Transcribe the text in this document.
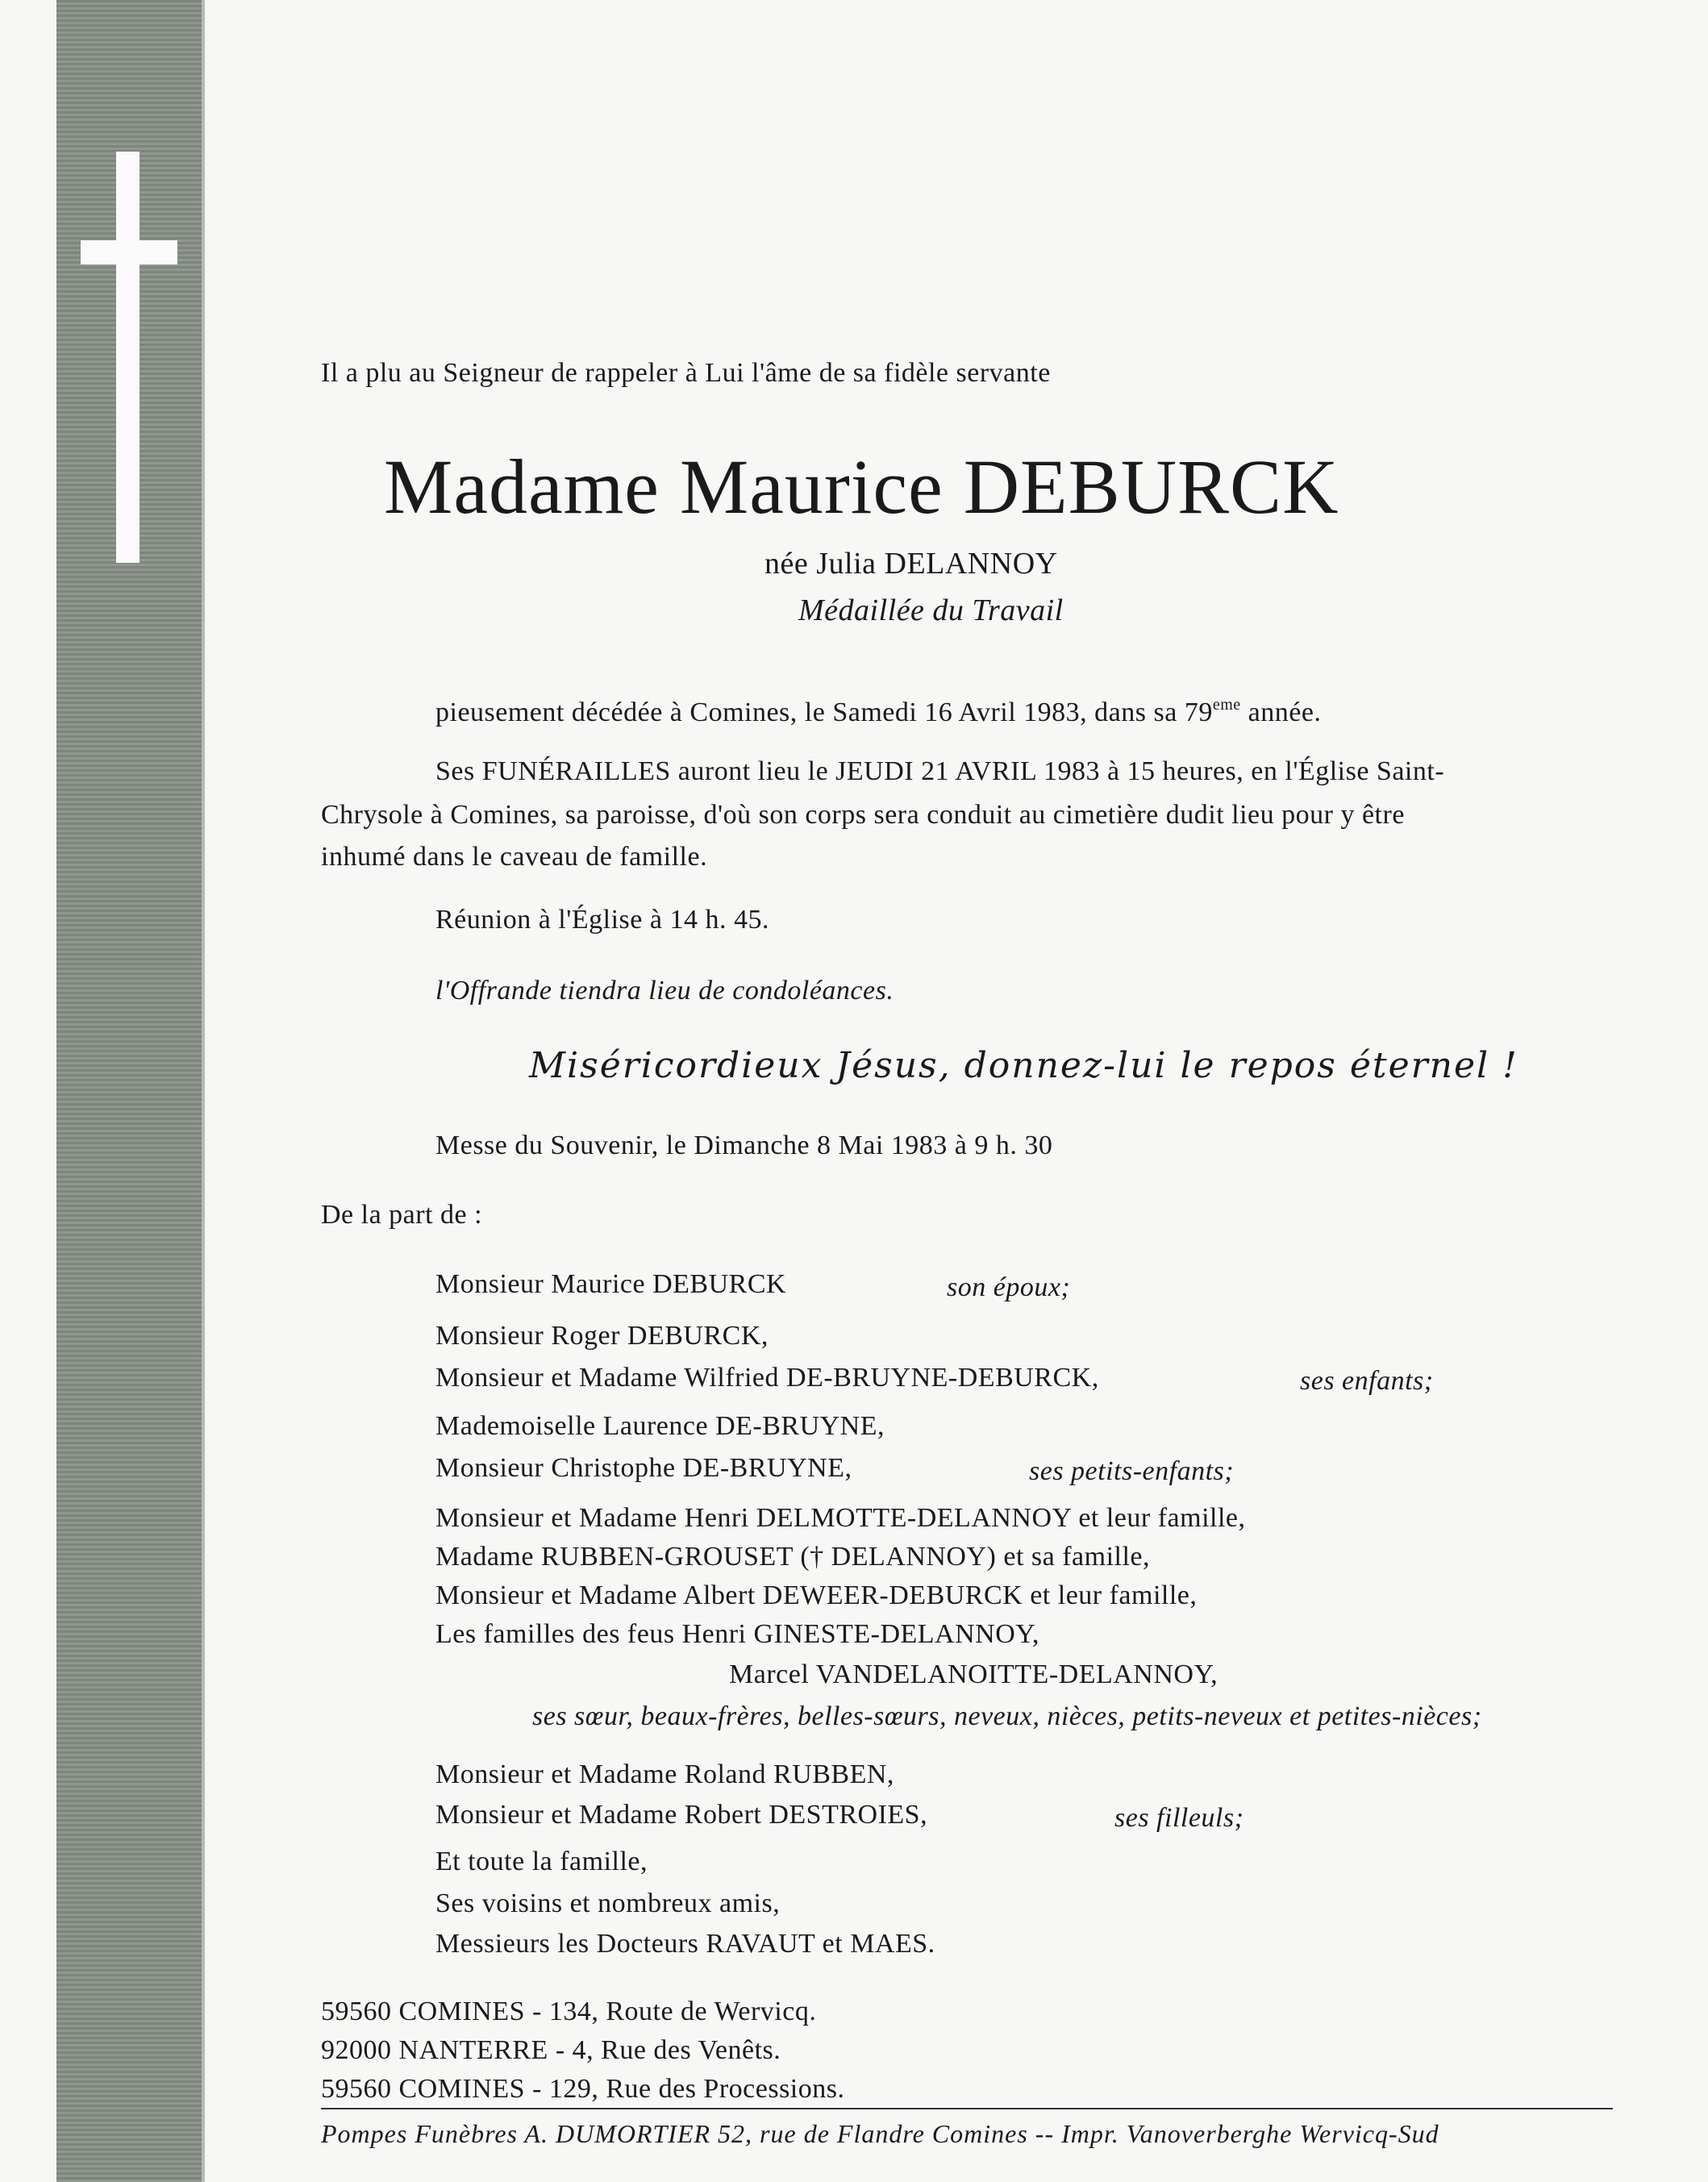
Il a plu au Seigneur de rappeler à Lui l'âme de sa fidèle servante
Madame Maurice DEBURCK
née Julia DELANNOY
Médaillée du Travail
pieusement décédée à Comines, le Samedi 16 Avril 1983, dans sa 79eme année.
Ses FUNÉRAILLES auront lieu le JEUDI 21 AVRIL 1983 à 15 heures, en l'Église Saint-
Chrysole à Comines, sa paroisse, d'où son corps sera conduit au cimetière dudit lieu pour y être
inhumé dans le caveau de famille.
Réunion à l'Église à 14 h. 45.
l'Offrande tiendra lieu de condoléances.
Miséricordieux Jésus, donnez-lui le repos éternel !
Messe du Souvenir, le Dimanche 8 Mai 1983 à 9 h. 30
De la part de :
Monsieur Maurice DEBURCK	son époux;
Monsieur Roger DEBURCK,
Monsieur et Madame Wilfried DE-BRUYNE-DEBURCK,	ses enfants;
Mademoiselle Laurence DE-BRUYNE,
Monsieur Christophe DE-BRUYNE,	ses petits-enfants;
Monsieur et Madame Henri DELMOTTE-DELANNOY et leur famille,
Madame RUBBEN-GROUSET († DELANNOY) et sa famille,
Monsieur et Madame Albert DEWEER-DEBURCK et leur famille,
Les familles des feus Henri GINESTE-DELANNOY,
Marcel VANDELANOITTE-DELANNOY,
ses sœur, beaux-frères, belles-sœurs, neveux, nièces, petits-neveux et petites-nièces;
Monsieur et Madame Roland RUBBEN,
Monsieur et Madame Robert DESTROIES,	ses filleuls;
Et toute la famille,
Ses voisins et nombreux amis,
Messieurs les Docteurs RAVAUT et MAES.
59560 COMINES - 134, Route de Wervicq.
92000 NANTERRE - 4, Rue des Venêts.
59560 COMINES - 129, Rue des Processions.
Pompes Funèbres A. DUMORTIER 52, rue de Flandre Comines -- Impr. Vanoverberghe Wervicq-Sud
